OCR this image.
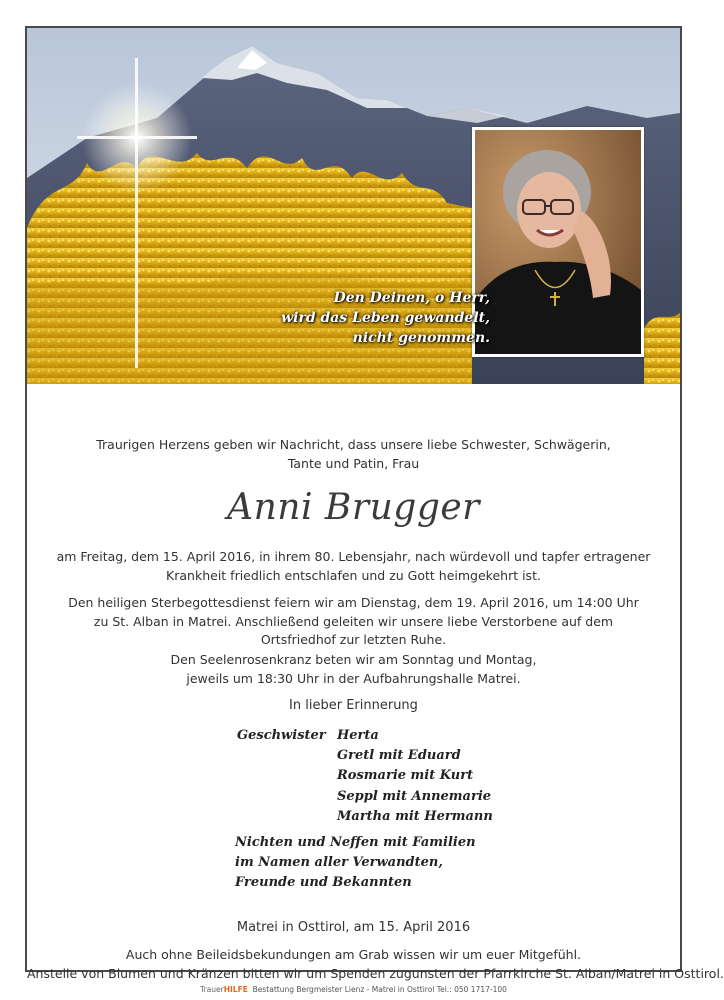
Den Deinen, o Herr,
wird das Leben gewandelt,
nicht genommen.
Traurigen Herzens geben wir Nachricht, dass unsere liebe Schwester, Schwägerin,
Tante und Patin, Frau
Anni Brugger
am Freitag, dem 15. April 2016, in ihrem 80. Lebensjahr, nach würdevoll und tapfer ertragener
Krankheit friedlich entschlafen und zu Gott heimgekehrt ist.
Den heiligen Sterbegottesdienst feiern wir am Dienstag, dem 19. April 2016, um 14:00 Uhr
zu St. Alban in Matrei. Anschließend geleiten wir unsere liebe Verstorbene auf dem
Ortsfriedhof zur letzten Ruhe.
Den Seelenrosenkranz beten wir am Sonntag und Montag,
jeweils um 18:30 Uhr in der Aufbahrungshalle Matrei.
In lieber Erinnerung
Geschwister Herta
Gretl mit Eduard
Rosmarie mit Kurt
Seppl mit Annemarie
Martha mit Hermann
Nichten und Neffen mit Familien
im Namen aller Verwandten,
Freunde und Bekannten
Matrei in Osttirol, am 15. April 2016
Auch ohne Beileidsbekundungen am Grab wissen wir um euer Mitgefühl.
Anstelle von Blumen und Kränzen bitten wir um Spenden zugunsten der Pfarrkirche St. Alban/Matrei in Osttirol.
TrauerHILFE Bestattung Bergmeister Lienz - Matrei in Osttirol Tel.: 050 1717-100
